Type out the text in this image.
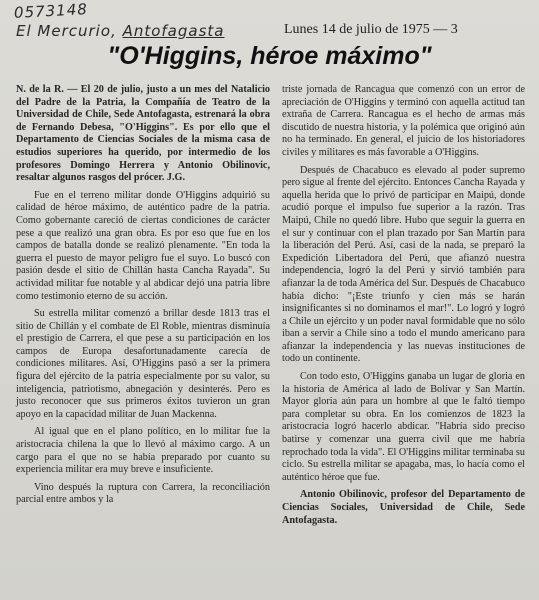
0573148
El Mercurio, Antofagasta	Lunes 14 de julio de 1975 — 3
"O'Higgins, héroe máximo"

N. de la R. — El 20 de julio, justo a un mes del Natalicio del Padre de la Patria, la Compañía de Teatro de la Universidad de Chile, Sede Antofagasta, estrenará la obra de Fernando Debesa, "O'Higgins". Es por ello que el Departamento de Ciencias Sociales de la misma casa de estudios superiores ha querido, por intermedio de los profesores Domingo Herrera y Antonio Obilinovic, resaltar algunos rasgos del prócer. J.G.

Fue en el terreno militar donde O'Higgins adquirió su calidad de héroe máximo, de auténtico padre de la patria. Como gobernante careció de ciertas condiciones de carácter pese a que realizó una gran obra. Es por eso que fue en los campos de batalla donde se realizó plenamente. "En toda la guerra el puesto de mayor peligro fue el suyo. Lo buscó con pasión desde el sitio de Chillán hasta Cancha Rayada". Su actividad militar fue notable y al abdicar dejó una patria libre como testimonio eterno de su acción.

Su estrella militar comenzó a brillar desde 1813 tras el sitio de Chillán y el combate de El Roble, mientras disminuía el prestigio de Carrera, el que pese a su participación en los campos de Europa desafortunadamente carecía de condiciones militares. Así, O'Higgins pasó a ser la primera figura del ejército de la patria especialmente por su valor, su inteligencia, patriotismo, abnegación y desinterés. Pero es justo reconocer que sus primeros éxitos tuvieron un gran apoyo en la capacidad militar de Juan Mackenna.

Al igual que en el plano político, en lo militar fue la aristocracia chilena la que lo llevó al máximo cargo. A un cargo para el que no se había preparado por cuanto su experiencia militar era muy breve e insuficiente.

Vino después la ruptura con Carrera, la reconciliación parcial entre ambos y la

triste jornada de Rancagua que comenzó con un error de apreciación de O'Higgins y terminó con aquella actitud tan extraña de Carrera. Rancagua es el hecho de armas más discutido de nuestra historia, y la polémica que originó aún no ha terminado. En general, el juicio de los historiadores civiles y militares es más favorable a O'Higgins.

Después de Chacabuco es elevado al poder supremo pero sigue al frente del ejército. Entonces Cancha Rayada y aquella herida que lo privó de participar en Maipú, donde acudió porque el impulso fue superior a la razón. Tras Maipú, Chile no quedó libre. Hubo que seguir la guerra en el sur y continuar con el plan trazado por San Martín para la liberación del Perú. Así, casi de la nada, se preparó la Expedición Libertadora del Perú, que afianzó nuestra independencia, logró la del Perú y sirvió también para afianzar la de toda América del Sur. Después de Chacabuco había dicho: "¡Este triunfo y cien más se harán insignificantes si no dominamos el mar!". Lo logró y logró a Chile un ejército y un poder naval formidable que no sólo iban a servir a Chile sino a todo el mundo americano para afianzar la independencia y las nuevas instituciones de todo un continente.

Con todo esto, O'Higgins ganaba un lugar de gloria en la historia de América al lado de Bolívar y San Martín. Mayor gloria aún para un hombre al que le faltó tiempo para completar su obra. En los comienzos de 1823 la aristocracia logró hacerlo abdicar. "Habría sido preciso batirse y comenzar una guerra civil que me habría reprochado toda la vida". El O'Higgins militar terminaba su ciclo. Su estrella militar se apagaba, mas, lo hacía como el auténtico héroe que fue.

Antonio Obilinovic, profesor del Departamento de Ciencias Sociales, Universidad de Chile, Sede Antofagasta.
